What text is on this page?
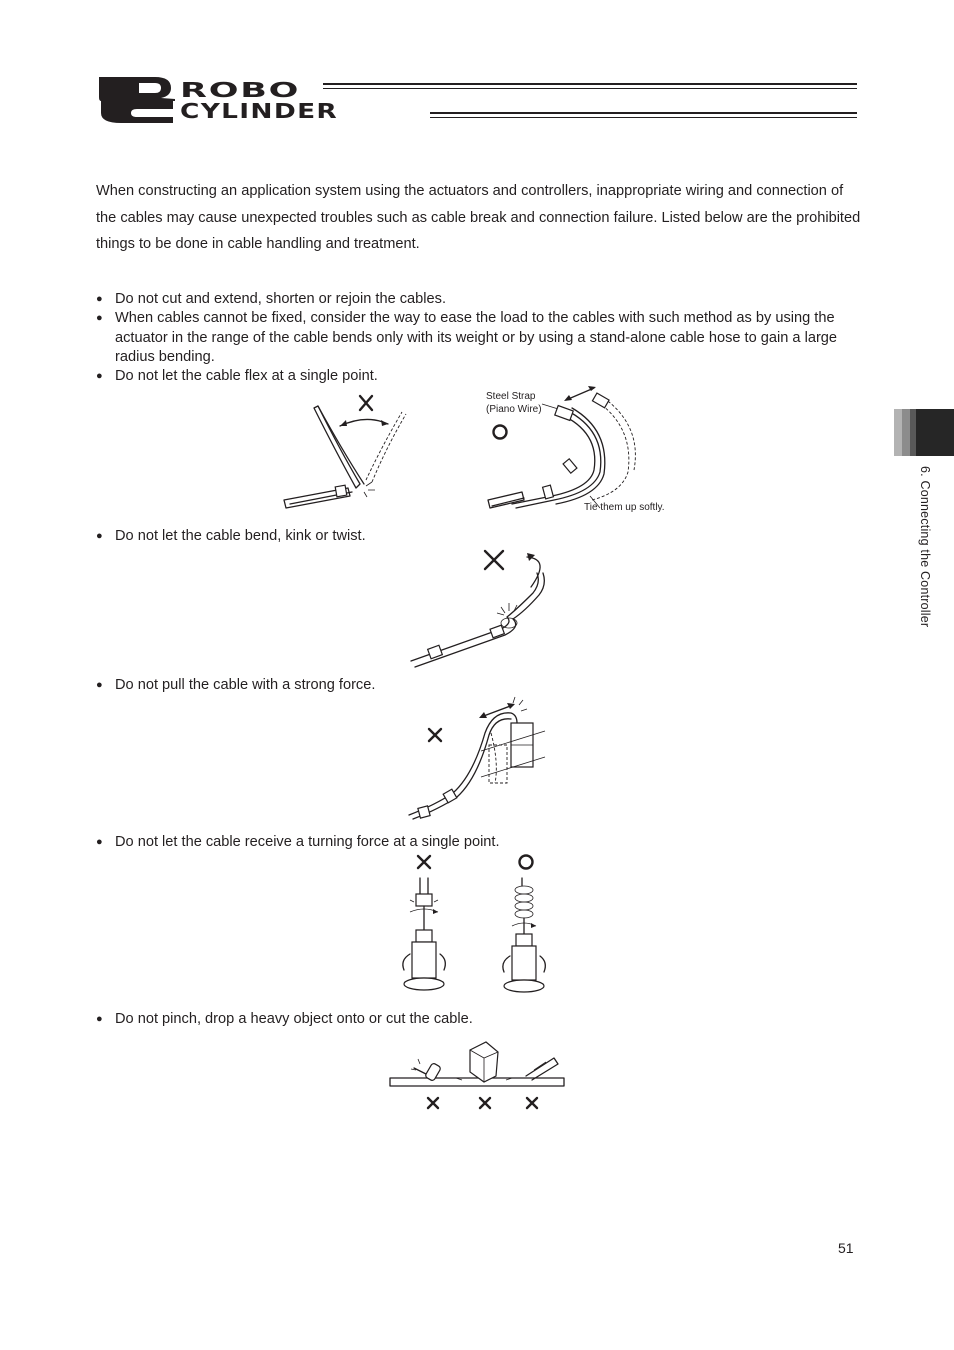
ROBO
CYLINDER
When constructing an application system using the actuators and controllers, inappropriate wiring and connection of the cables may cause unexpected troubles such as cable break and connection failure. Listed below are the prohibited things to be done in cable handling and treatment.
● Do not cut and extend, shorten or rejoin the cables.
● When cables cannot be fixed, consider the way to ease the load to the cables with such method as by using the actuator in the range of the cable bends only with its weight or by using a stand-alone cable hose to gain a large radius bending.
● Do not let the cable flex at a single point.
● Do not let the cable bend, kink or twist.
● Do not pull the cable with a strong force.
● Do not let the cable receive a turning force at a single point.
● Do not pinch, drop a heavy object onto or cut the cable.
Steel Strap
(Piano Wire)
Tie them up softly.	6. Connecting the Controller
51
